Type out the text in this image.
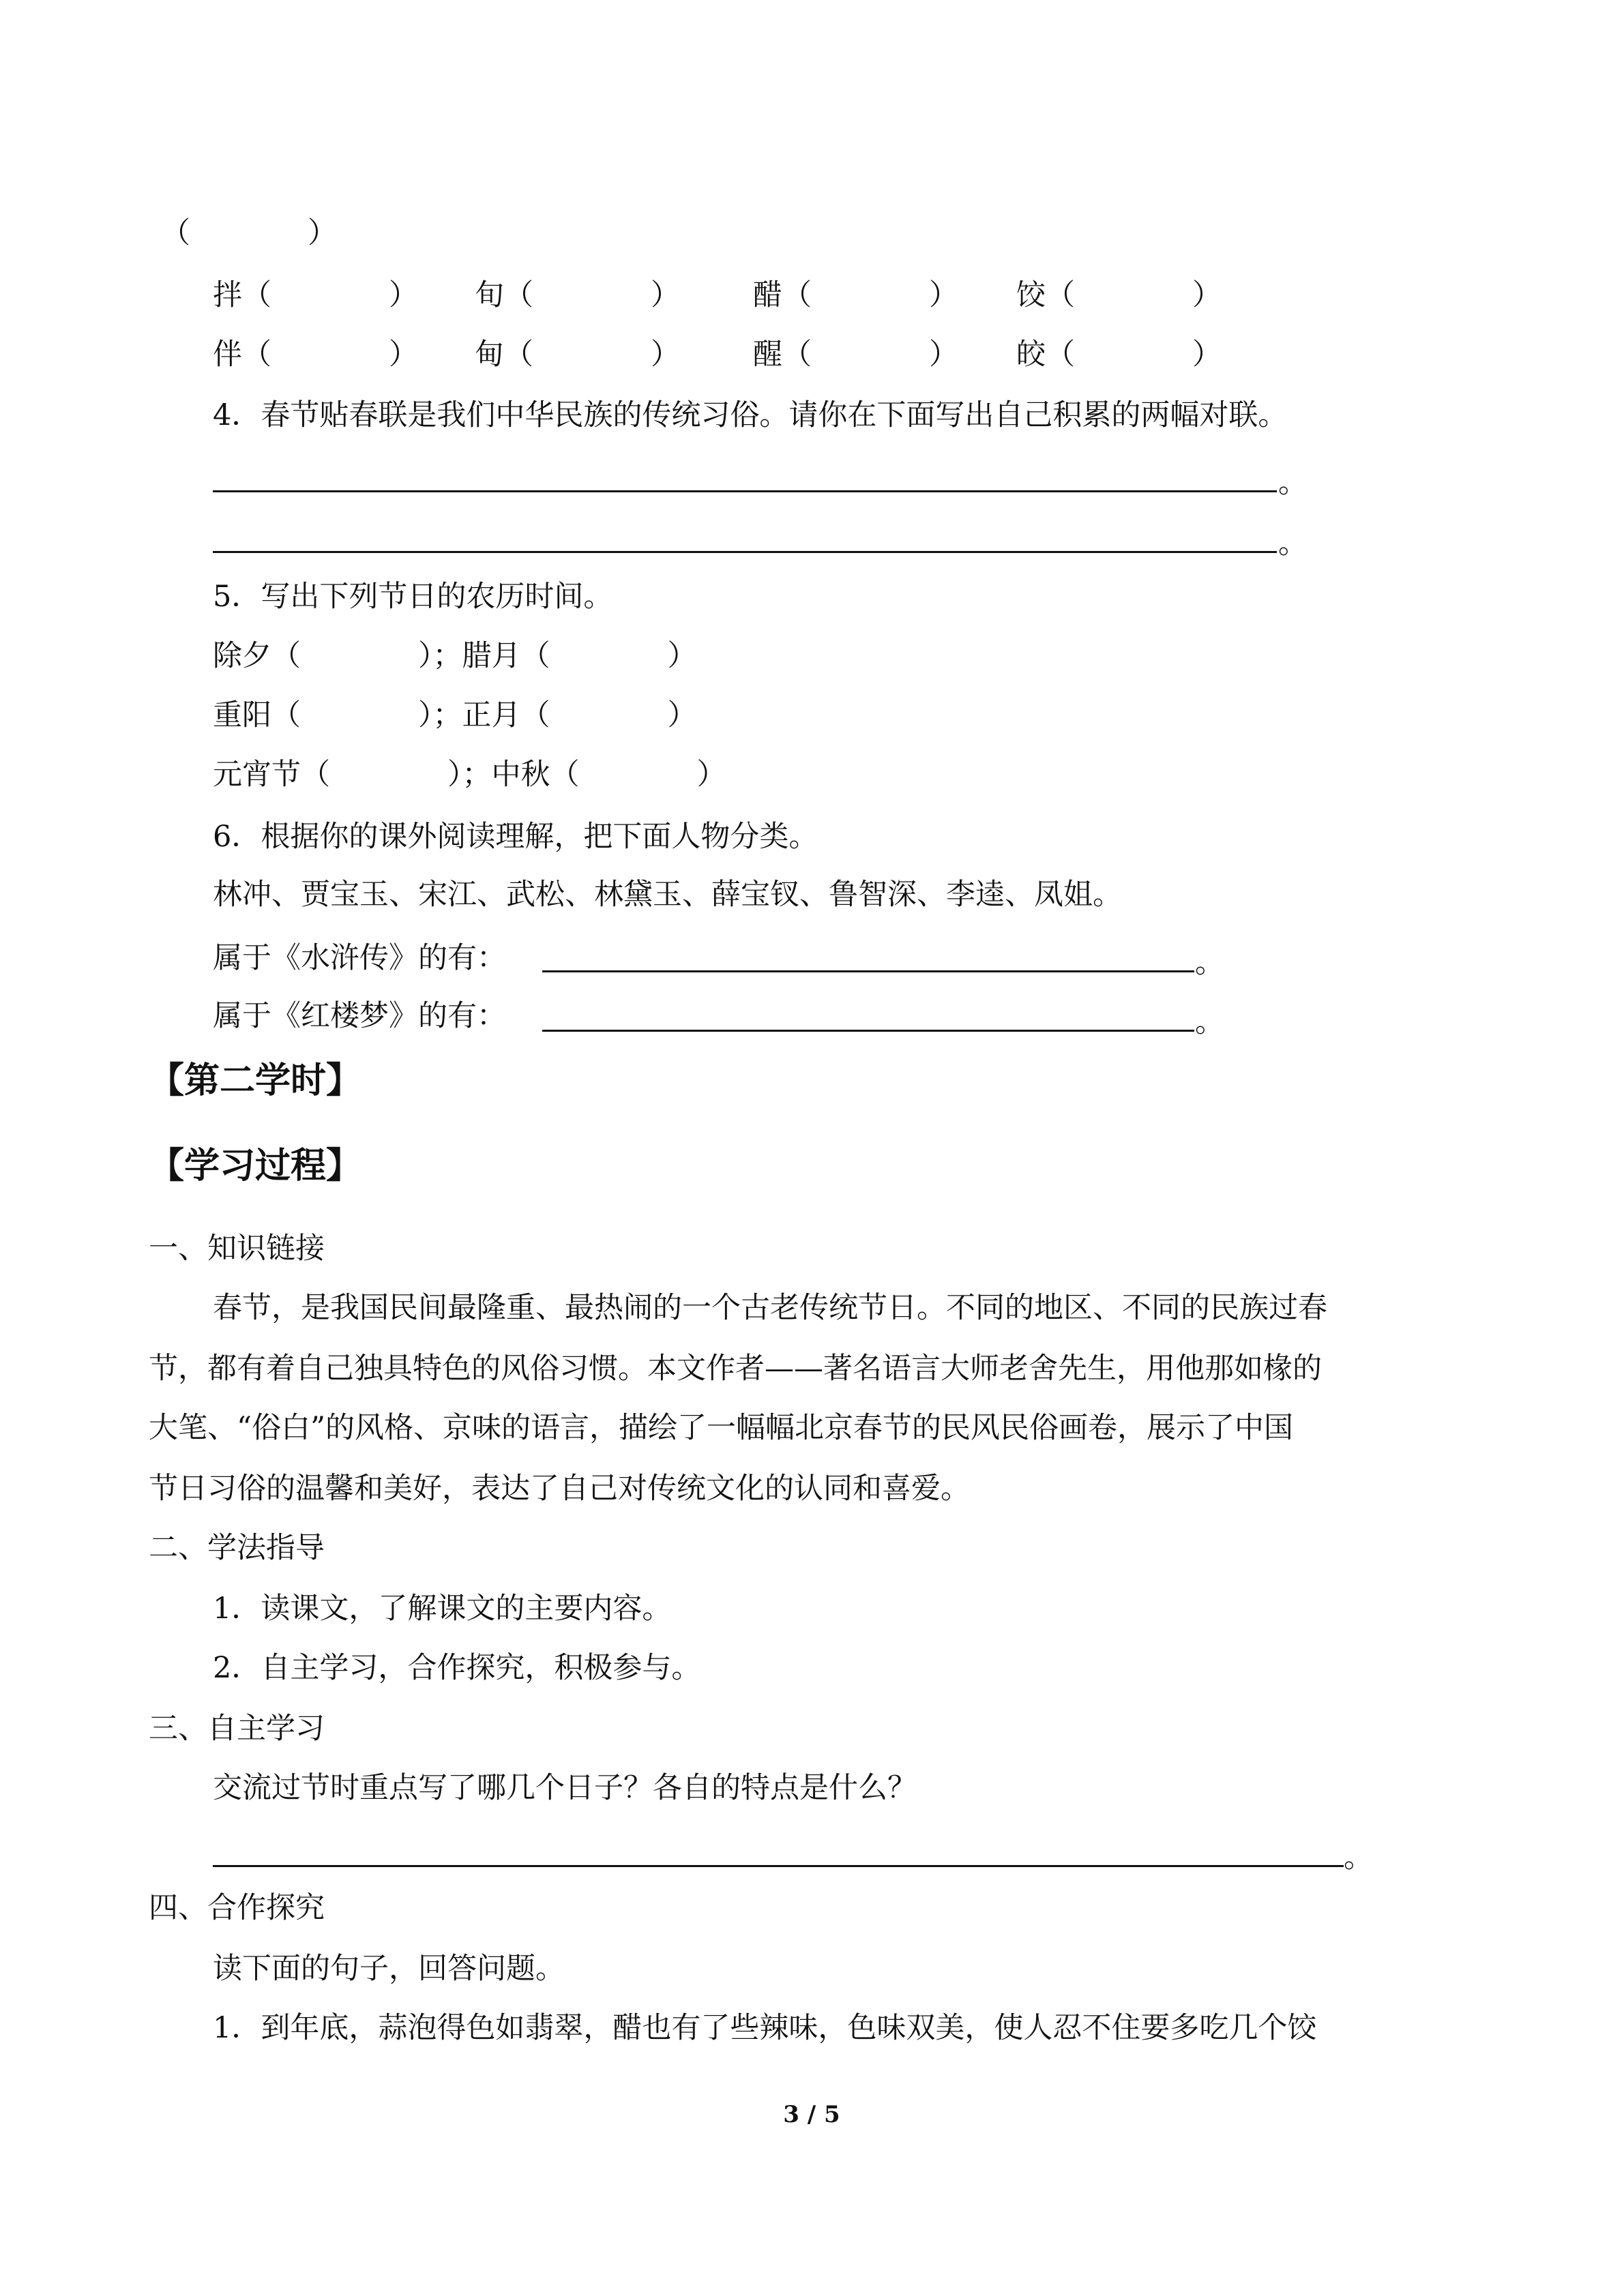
（　　　　）
拌（　　　　） 旬（　　　　） 醋（　　　　） 饺（　　　　）
伴（　　　　） 甸（　　　　） 醒（　　　　） 皎（　　　　）
4．春节贴春联是我们中华民族的传统习俗。请你在下面写出自己积累的两幅对联。
。
。
5．写出下列节日的农历时间。
除夕（　　　　）；腊月（　　　　）
重阳（　　　　）；正月（　　　　）
元宵节（　　　　）；中秋（　　　　）
6．根据你的课外阅读理解，把下面人物分类。
林冲、贾宝玉、宋江、武松、林黛玉、薛宝钗、鲁智深、李逵、凤姐。
属于《水浒传》的有：	。
属于《红楼梦》的有：	。
【第二学时】
【学习过程】
一、知识链接
春节，是我国民间最隆重、最热闹的一个古老传统节日。不同的地区、不同的民族过春
节，都有着自己独具特色的风俗习惯。本文作者——著名语言大师老舍先生，用他那如椽的
大笔、“俗白”的风格、京味的语言，描绘了一幅幅北京春节的民风民俗画卷，展示了中国
节日习俗的温馨和美好，表达了自己对传统文化的认同和喜爱。
二、学法指导
1．读课文，了解课文的主要内容。
2．自主学习，合作探究，积极参与。
三、自主学习
交流过节时重点写了哪几个日子？各自的特点是什么？
。
四、合作探究
读下面的句子，回答问题。
1．到年底，蒜泡得色如翡翠，醋也有了些辣味，色味双美，使人忍不住要多吃几个饺
3 / 5
